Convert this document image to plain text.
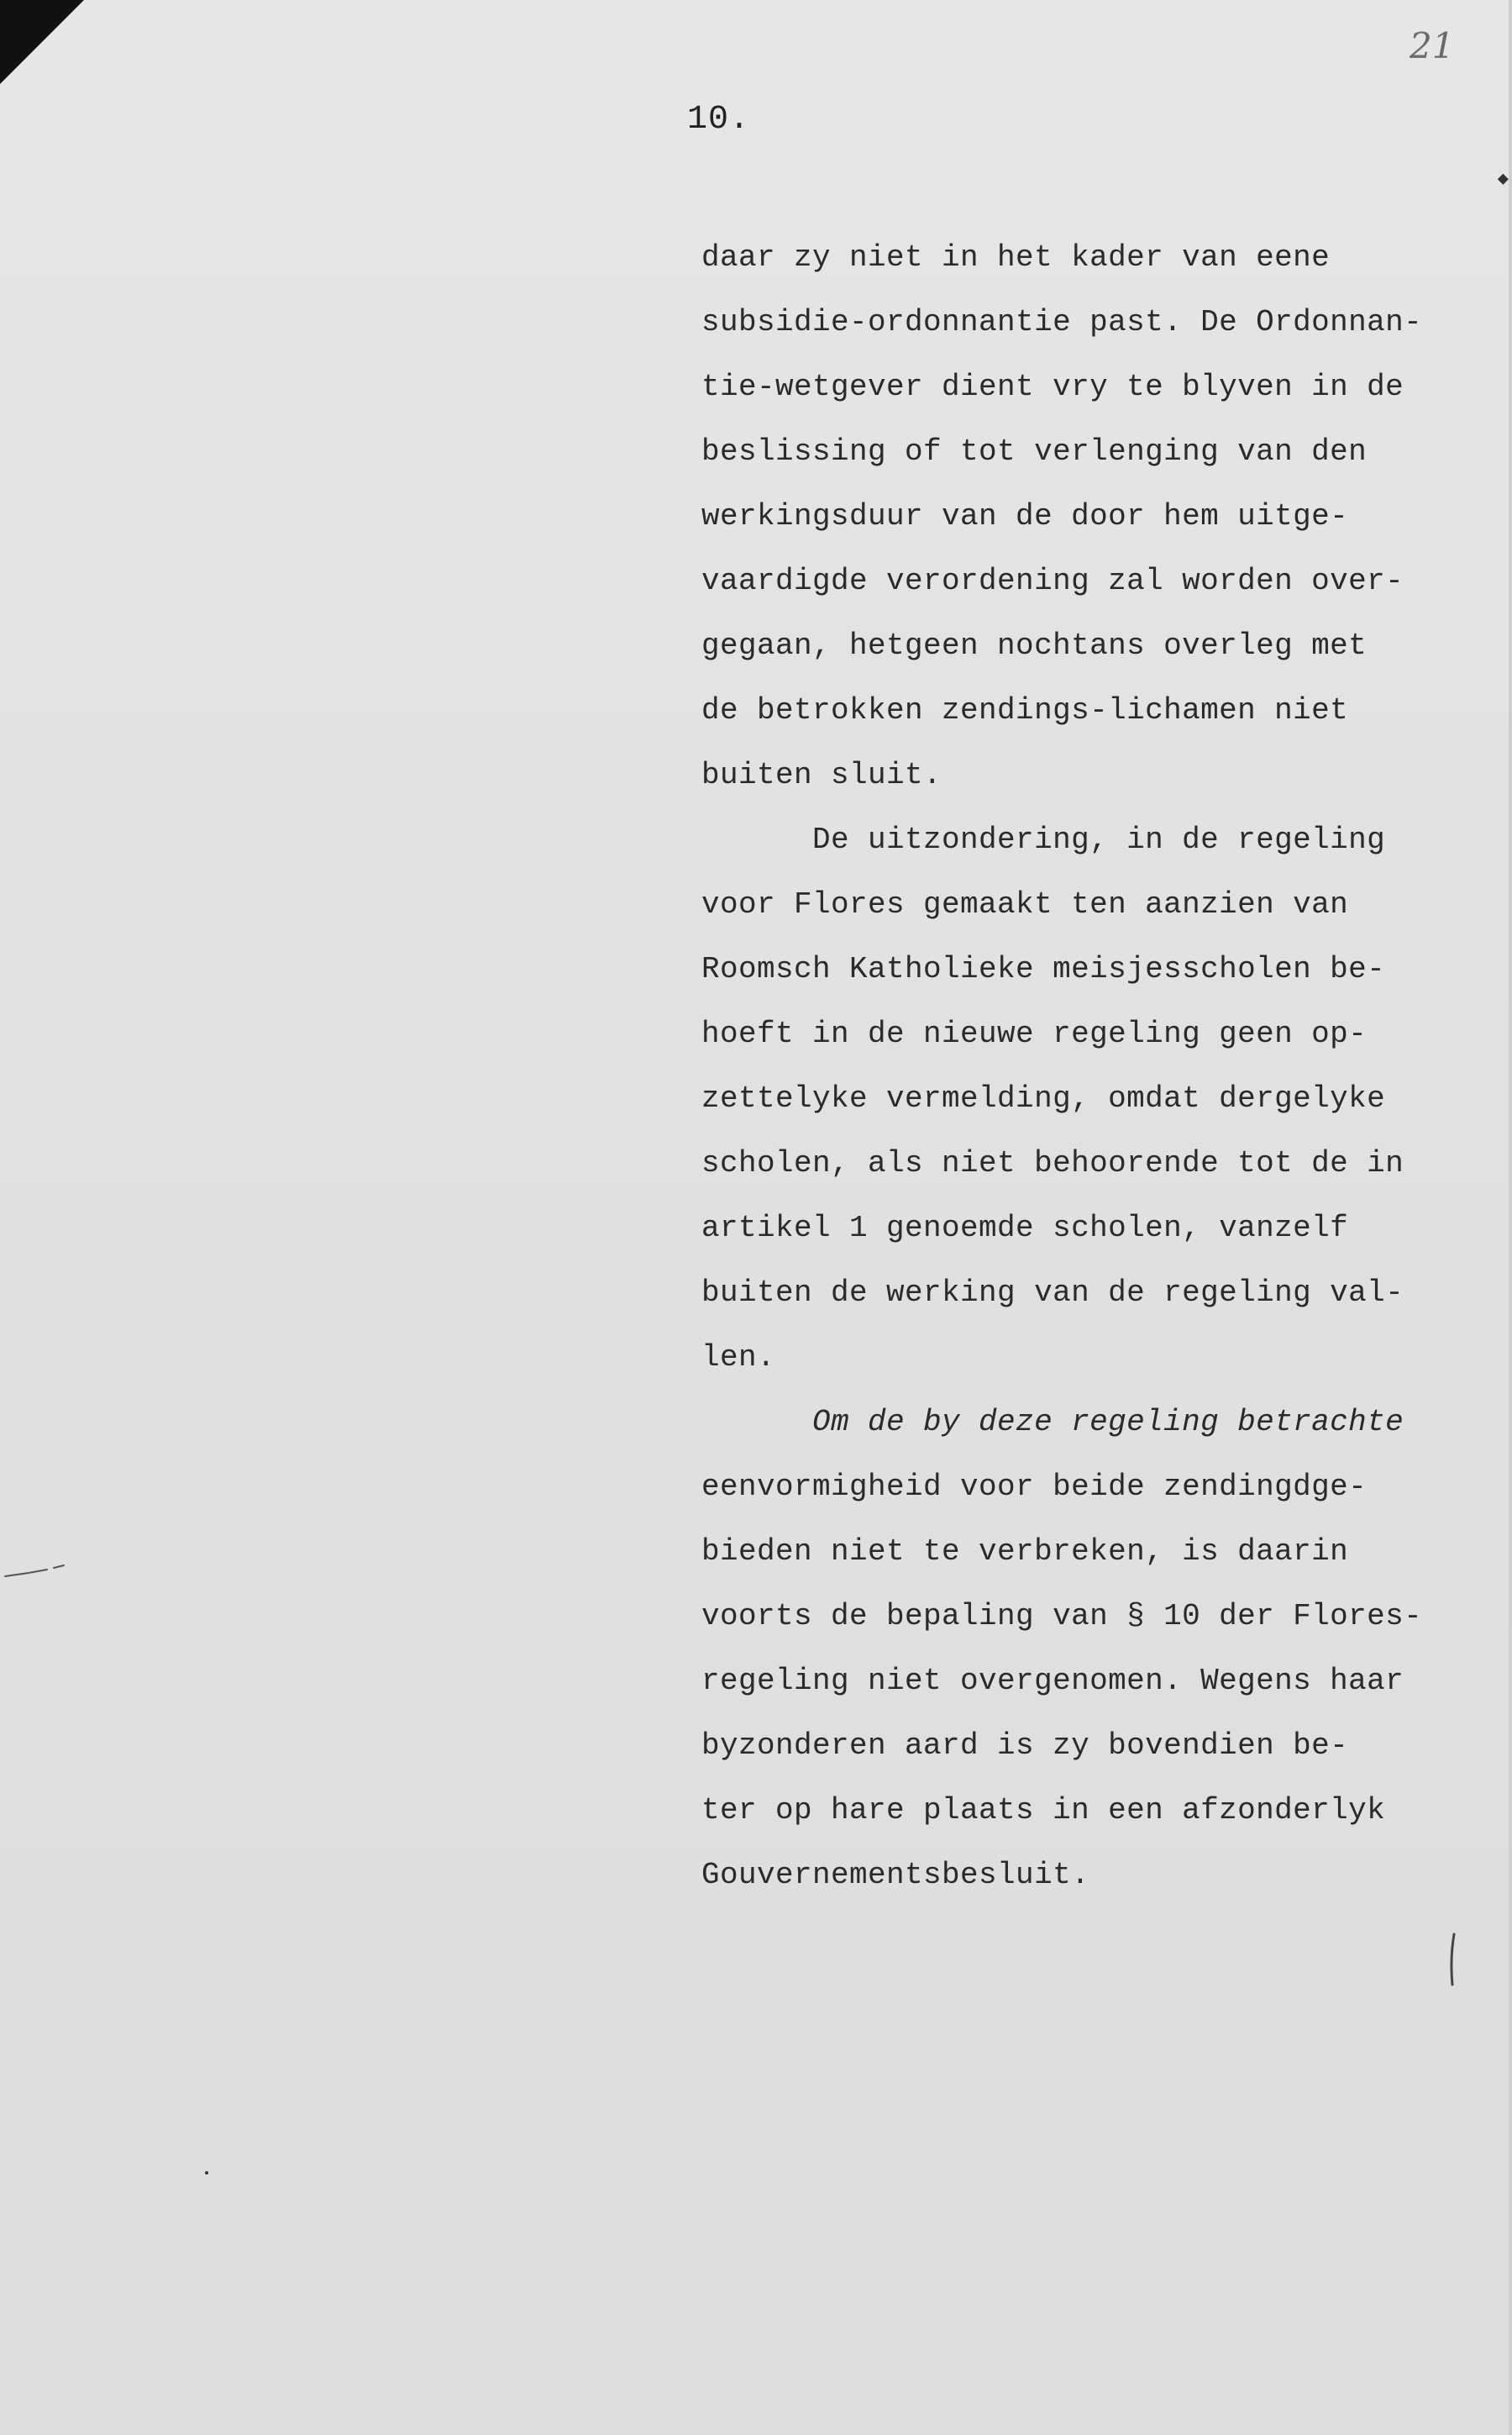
21
◆
10.
daar zy niet in het kader van eene
subsidie-ordonnantie past. De Ordonnan-
tie-wetgever dient vry te blyven in de
beslissing of tot verlenging van den
werkingsduur van de door hem uitge-
vaardigde verordening zal worden over-
gegaan, hetgeen nochtans overleg met
de betrokken zendings-lichamen niet
buiten sluit.
De uitzondering, in de regeling
voor Flores gemaakt ten aanzien van
Roomsch Katholieke meisjesscholen be-
hoeft in de nieuwe regeling geen op-
zettelyke vermelding, omdat dergelyke
scholen, als niet behoorende tot de in
artikel 1 genoemde scholen, vanzelf
buiten de werking van de regeling val-
len.
Om de by deze regeling betrachte
eenvormigheid voor beide zendingdge-
bieden niet te verbreken, is daarin
voorts de bepaling van § 10 der Flores-
regeling niet overgenomen. Wegens haar
byzonderen aard is zy bovendien be-
ter op hare plaats in een afzonderlyk
Gouvernementsbesluit.
